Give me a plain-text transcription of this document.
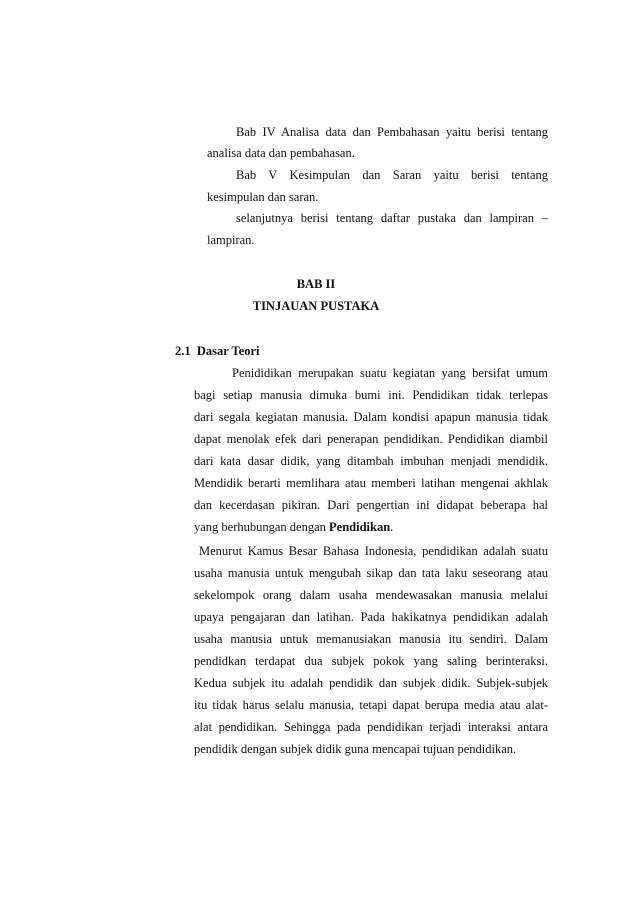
Bab IV Analisa data dan Pembahasan yaitu berisi tentang
analisa data dan pembahasan.
Bab V Kesimpulan dan Saran yaitu berisi tentang
kesimpulan dan saran.
selanjutnya berisi tentang daftar pustaka dan lampiran –
lampiran.
BAB II
TINJAUAN PUSTAKA
2.1 Dasar Teori
Penididikan merupakan suatu kegiatan yang bersifat umum
bagi setiap manusia dimuka bumi ini. Pendidikan tidak terlepas
dari segala kegiatan manusia. Dalam kondisi apapun manusia tidak
dapat menolak efek dari penerapan pendidikan. Pendidikan diambil
dari kata dasar didik, yang ditambah imbuhan menjadi mendidik.
Mendidik berarti memlihara atau memberi latihan mengenai akhlak
dan kecerdasan pikiran. Dari pengertian ini didapat beberapa hal
yang berhubungan dengan Pendidikan.
Menurut Kamus Besar Bahasa Indonesia, pendidikan adalah suatu
usaha manusia untuk mengubah sikap dan tata laku seseorang atau
sekelompok orang dalam usaha mendewasakan manusia melalui
upaya pengajaran dan latihan. Pada hakikatnya pendidikan adalah
usaha manusia untuk memanusiakan manusia itu sendiri. Dalam
pendidkan terdapat dua subjek pokok yang saling berinteraksi.
Kedua subjek itu adalah pendidik dan subjek didik. Subjek-subjek
itu tidak harus selalu manusia, tetapi dapat berupa media atau alat-
alat pendidikan. Sehingga pada pendidikan terjadi interaksi antara
pendidik dengan subjek didik guna mencapai tujuan pendidikan.
